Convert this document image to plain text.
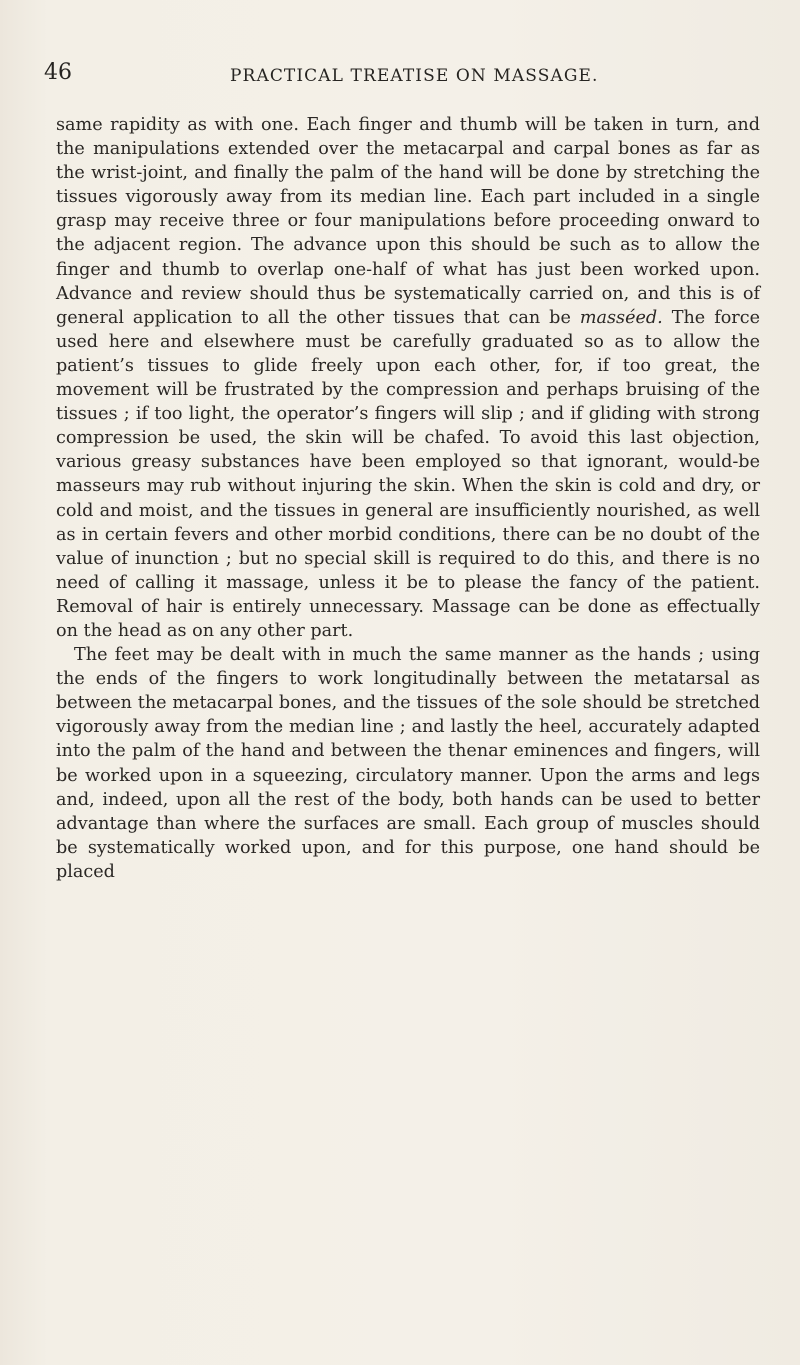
46	PRACTICAL TREATISE ON MASSAGE.

same rapidity as with one. Each finger and thumb will be taken in turn, and the manipulations extended over the metacarpal and carpal bones as far as the wrist-joint, and finally the palm of the hand will be done by stretching the tissues vigorously away from its median line. Each part included in a single grasp may receive three or four manipulations before proceeding onward to the adjacent region. The advance upon this should be such as to allow the finger and thumb to overlap one-half of what has just been worked upon. Advance and review should thus be systematically carried on, and this is of general application to all the other tissues that can be masséed. The force used here and elsewhere must be carefully graduated so as to allow the patient’s tissues to glide freely upon each other, for, if too great, the movement will be frustrated by the compression and perhaps bruising of the tissues ; if too light, the operator’s fingers will slip ; and if gliding with strong compression be used, the skin will be chafed. To avoid this last objection, various greasy substances have been employed so that ignorant, would-be masseurs may rub without injuring the skin. When the skin is cold and dry, or cold and moist, and the tissues in general are insufficiently nourished, as well as in certain fevers and other morbid conditions, there can be no doubt of the value of inunction ; but no special skill is required to do this, and there is no need of calling it massage, unless it be to please the fancy of the patient. Removal of hair is entirely unnecessary. Massage can be done as effectually on the head as on any other part.

The feet may be dealt with in much the same manner as the hands ; using the ends of the fingers to work longitudinally between the metatarsal as between the metacarpal bones, and the tissues of the sole should be stretched vigorously away from the median line ; and lastly the heel, accurately adapted into the palm of the hand and between the thenar eminences and fingers, will be worked upon in a squeezing, circulatory manner. Upon the arms and legs and, indeed, upon all the rest of the body, both hands can be used to better advantage than where the surfaces are small. Each group of muscles should be systematically worked upon, and for this purpose, one hand should be placed
